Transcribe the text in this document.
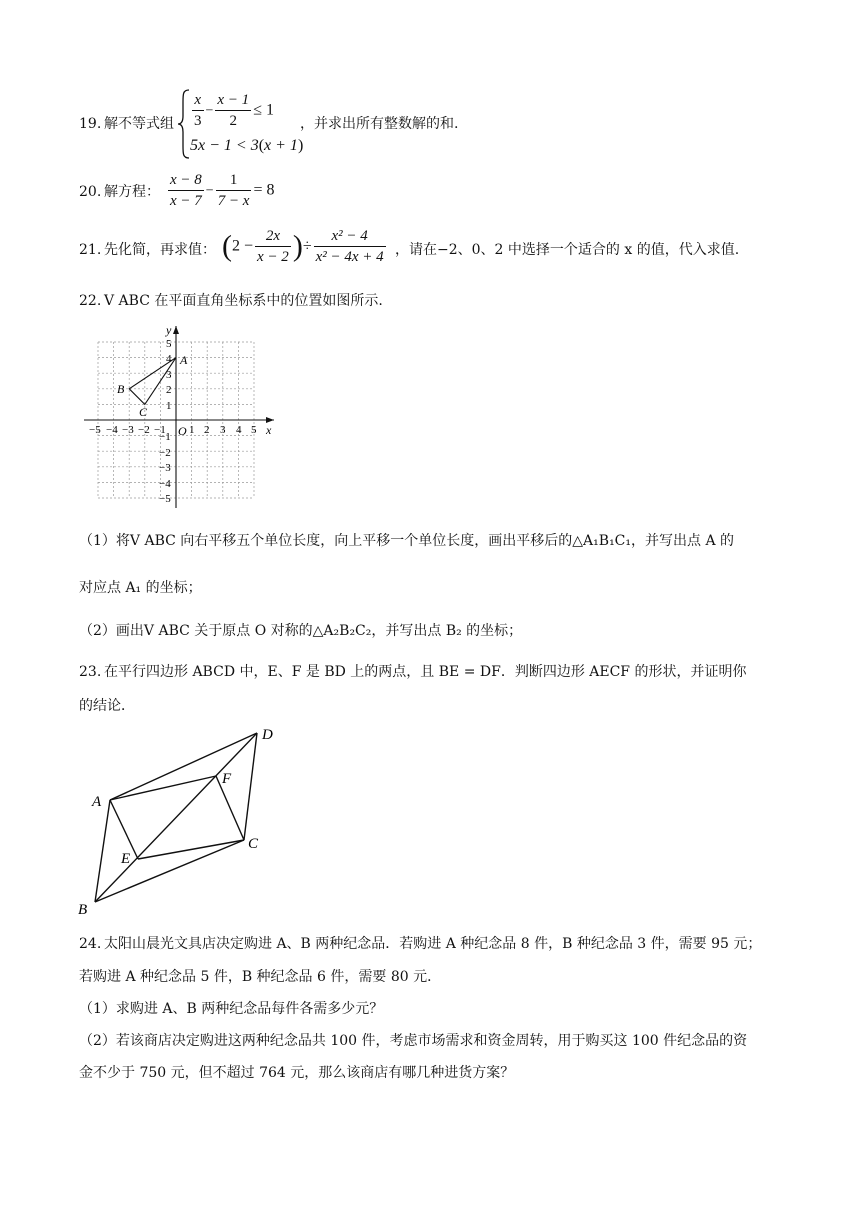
19. 解不等式组 $\frac{x}{3} - \frac{x - 1}{2} \le 1$
5x − 1 < 3(x + 1)
，并求出所有整数解的和.
20. 解方程： $\frac{x - 8}{x - 7} - \frac{1}{7 - x} = 8$
21. 先化简，再求值： ($2 - \frac{2x}{x - 2}$ )÷ $\frac{\text{x² − 4}}{\text{x² − 4x + 4}}$ ，请在−2、0、2 中选择一个适合的 x 的值，代入求值.
22. V ABC 在平面直角坐标系中的位置如图所示.
y
x
O
−5 −4 −3 −2 −1 1 2 3 4 5
5
4
3
2
1
−1
−2
−3
−4
−5
A
B
C
（1）将V ABC 向右平移五个单位长度，向上平移一个单位长度，画出平移后的△A₁B₁C₁，并写出点 A 的
对应点 A₁ 的坐标；
（2）画出V ABC 关于原点 O 对称的△A₂B₂C₂，并写出点 B₂ 的坐标；
23. 在平行四边形 ABCD 中，E、F 是 BD 上的两点，且 BE = DF．判断四边形 AECF 的形状，并证明你
的结论．
A
B
C
D
E
F
24. 太阳山晨光文具店决定购进 A、B 两种纪念品．若购进 A 种纪念品 8 件，B 种纪念品 3 件，需要 95 元；
若购进 A 种纪念品 5 件，B 种纪念品 6 件，需要 80 元．
（1）求购进 A、B 两种纪念品每件各需多少元？
（2）若该商店决定购进这两种纪念品共 100 件，考虑市场需求和资金周转，用于购买这 100 件纪念品的资
金不少于 750 元，但不超过 764 元，那么该商店有哪几种进货方案？
